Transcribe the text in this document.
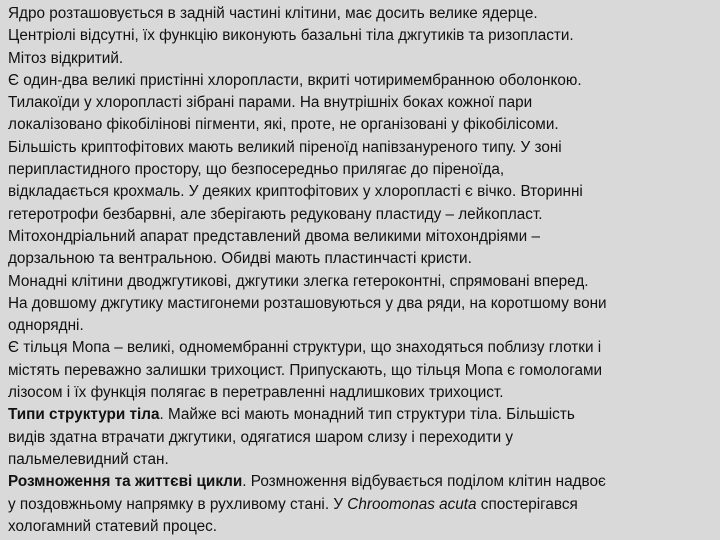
Ядро розташовується в задній частині клітини, має досить велике ядерце.
Центріолі відсутні, їх функцію виконують базальні тіла джгутиків та ризопласти.
Мітоз відкритий.
Є один-два великі пристінні хлоропласти, вкриті чотиримембранною оболонкою.
Тилакоїди у хлоропласті зібрані парами. На внутрішніх боках кожної пари
локалізовано фікобілінові пігменти, які, проте, не організовані у фікобілісоми.
Більшість криптофітових мають великий піреноїд напівзануреного типу. У зоні
перипластидного простору, що безпосередньо прилягає до піреноїда,
відкладається крохмаль. У деяких криптофітових у хлоропласті є вічко. Вторинні
гетеротрофи безбарвні, але зберігають редуковану пластиду – лейкопласт.
Мітохондріальний апарат представлений двома великими мітохондріями –
дорзальною та вентральною. Обидві мають пластинчасті кристи.
Монадні клітини дводжгутикові, джгутики злегка гетероконтні, спрямовані вперед.
На довшому джгутику мастигонеми розташовуються у два ряди, на коротшому вони
однорядні.
Є тільця Мопа – великі, одномембранні структури, що знаходяться поблизу глотки і
містять переважно залишки трихоцист. Припускають, що тільця Мопа є гомологами
лізосом і їх функція полягає в перетравленні надлишкових трихоцист.
Типи структури тіла. Майже всі мають монадний тип структури тіла. Більшість
видів здатна втрачати джгутики, одягатися шаром слизу і переходити у
пальмелевидний стан.
Розмноження та життєві цикли. Розмноження відбувається поділом клітин надвоє
у поздовжньому напрямку в рухливому стані. У Chroomonas acuta спостерігався
хологамний статевий процес.
